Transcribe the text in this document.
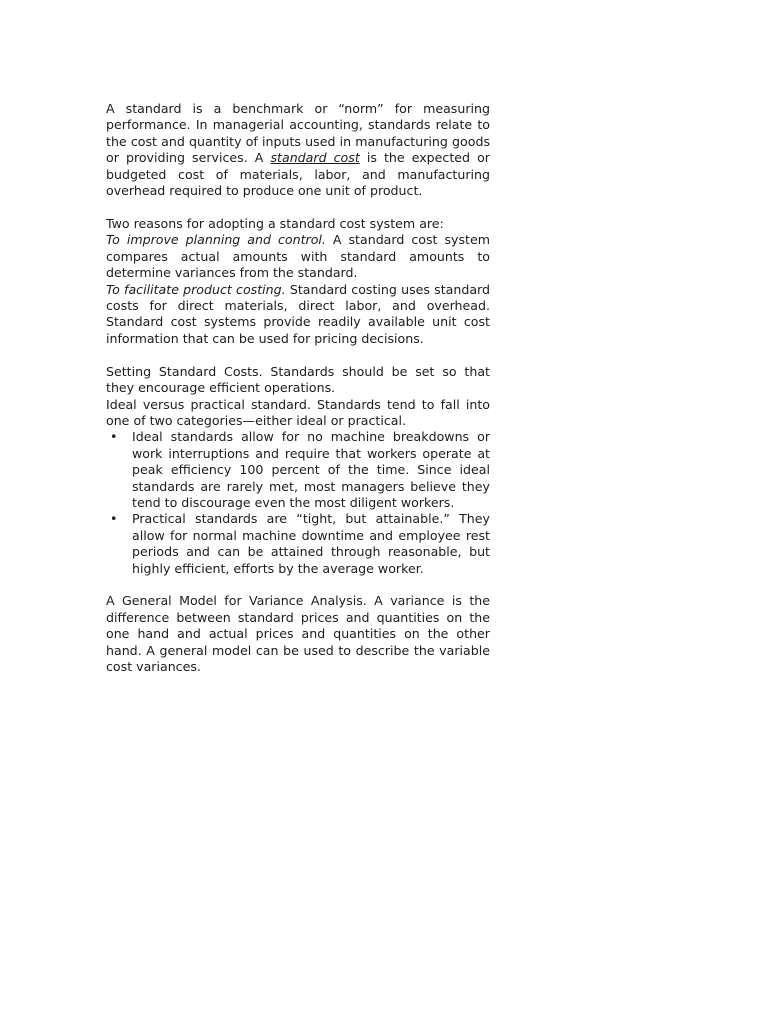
A standard is a benchmark or “norm” for measuring performance. In managerial accounting, standards relate to the cost and quantity of inputs used in manufacturing goods or providing services. A standard cost is the expected or budgeted cost of materials, labor, and manufacturing overhead required to produce one unit of product.

Two reasons for adopting a standard cost system are:

To improve planning and control. A standard cost system compares actual amounts with standard amounts to determine variances from the standard.

To facilitate product costing. Standard costing uses standard costs for direct materials, direct labor, and overhead. Standard cost systems provide readily available unit cost information that can be used for pricing decisions.

Setting Standard Costs. Standards should be set so that they encourage efficient operations.

Ideal versus practical standard. Standards tend to fall into one of two categories—either ideal or practical.

• Ideal standards allow for no machine breakdowns or work interruptions and require that workers operate at peak efficiency 100 percent of the time. Since ideal standards are rarely met, most managers believe they tend to discourage even the most diligent workers.
• Practical standards are “tight, but attainable.” They allow for normal machine downtime and employee rest periods and can be attained through reasonable, but highly efficient, efforts by the average worker.

A General Model for Variance Analysis. A variance is the difference between standard prices and quantities on the one hand and actual prices and quantities on the other hand. A general model can be used to describe the variable cost variances.
